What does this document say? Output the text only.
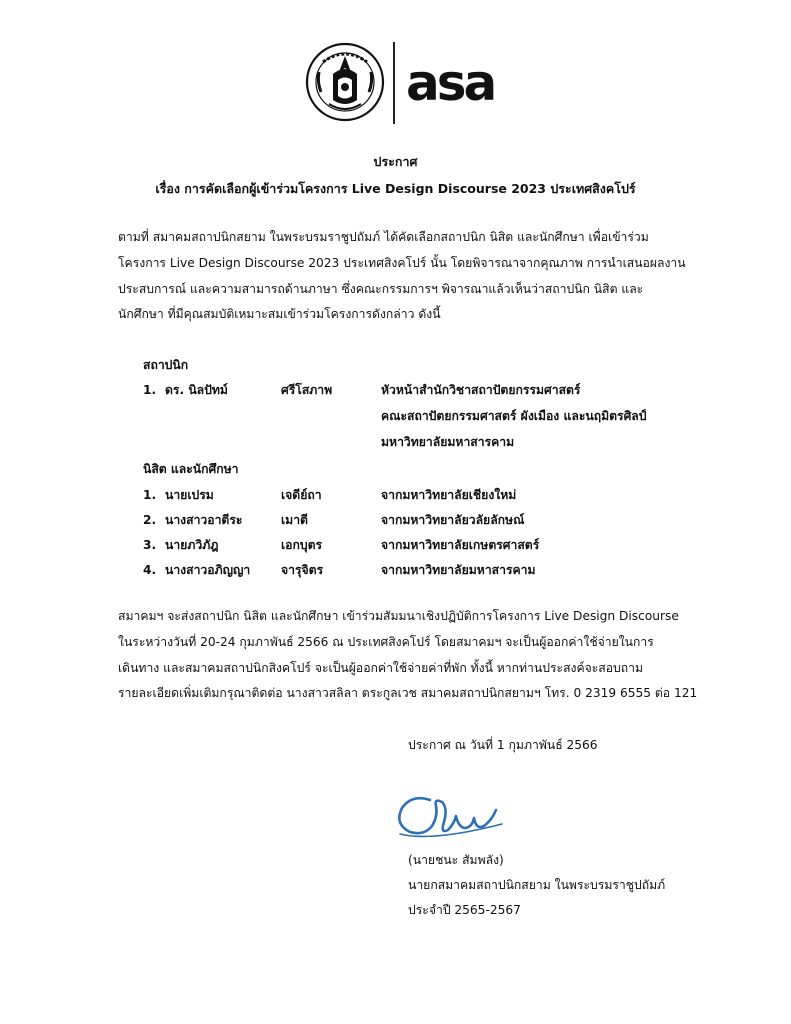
asa
ประกาศ
เรื่อง การคัดเลือกผู้เข้าร่วมโครงการ Live Design Discourse 2023 ประเทศสิงคโปร์

ตามที่ สมาคมสถาปนิกสยาม ในพระบรมราชูปถัมภ์ ได้คัดเลือกสถาปนิก นิสิต และนักศึกษา เพื่อเข้าร่วม

โครงการ Live Design Discourse 2023 ประเทศสิงคโปร์ นั้น โดยพิจารณาจากคุณภาพ การนำเสนอผลงาน

ประสบการณ์ และความสามารถด้านภาษา ซึ่งคณะกรรมการฯ พิจารณาแล้วเห็นว่าสถาปนิก นิสิต และ

นักศึกษา ที่มีคุณสมบัติเหมาะสมเข้าร่วมโครงการดังกล่าว ดังนี้

สถาปนิก
1. ดร. นิลปัทม์	ศรีโสภาพ	หัวหน้าสำนักวิชาสถาปัตยกรรมศาสตร์
คณะสถาปัตยกรรมศาสตร์ ผังเมือง และนฤมิตรศิลป์
มหาวิทยาลัยมหาสารคาม
นิสิต และนักศึกษา
1. นายเปรม	เจดีย์ถา	จากมหาวิทยาลัยเชียงใหม่
2. นางสาวอาตีระ	เมาตี	จากมหาวิทยาลัยวลัยลักษณ์
3. นายภวิภัฎ	เอกบุตร	จากมหาวิทยาลัยเกษตรศาสตร์
4. นางสาวอภิญญา	จารุจิตร	จากมหาวิทยาลัยมหาสารคาม

สมาคมฯ จะส่งสถาปนิก นิสิต และนักศึกษา เข้าร่วมสัมมนาเชิงปฏิบัติการโครงการ Live Design Discourse

ในระหว่างวันที่ 20-24 กุมภาพันธ์ 2566 ณ ประเทศสิงคโปร์ โดยสมาคมฯ จะเป็นผู้ออกค่าใช้จ่ายในการ

เดินทาง และสมาคมสถาปนิกสิงคโปร์ จะเป็นผู้ออกค่าใช้จ่ายค่าที่พัก ทั้งนี้ หากท่านประสงค์จะสอบถาม

รายละเอียดเพิ่มเติมกรุณาติดต่อ นางสาวสลิลา ตระกูลเวช สมาคมสถาปนิกสยามฯ โทร. 0 2319 6555 ต่อ 121

ประกาศ ณ วันที่ 1 กุมภาพันธ์ 2566
(นายชนะ สัมพลัง)
นายกสมาคมสถาปนิกสยาม ในพระบรมราชูปถัมภ์
ประจำปี 2565-2567
